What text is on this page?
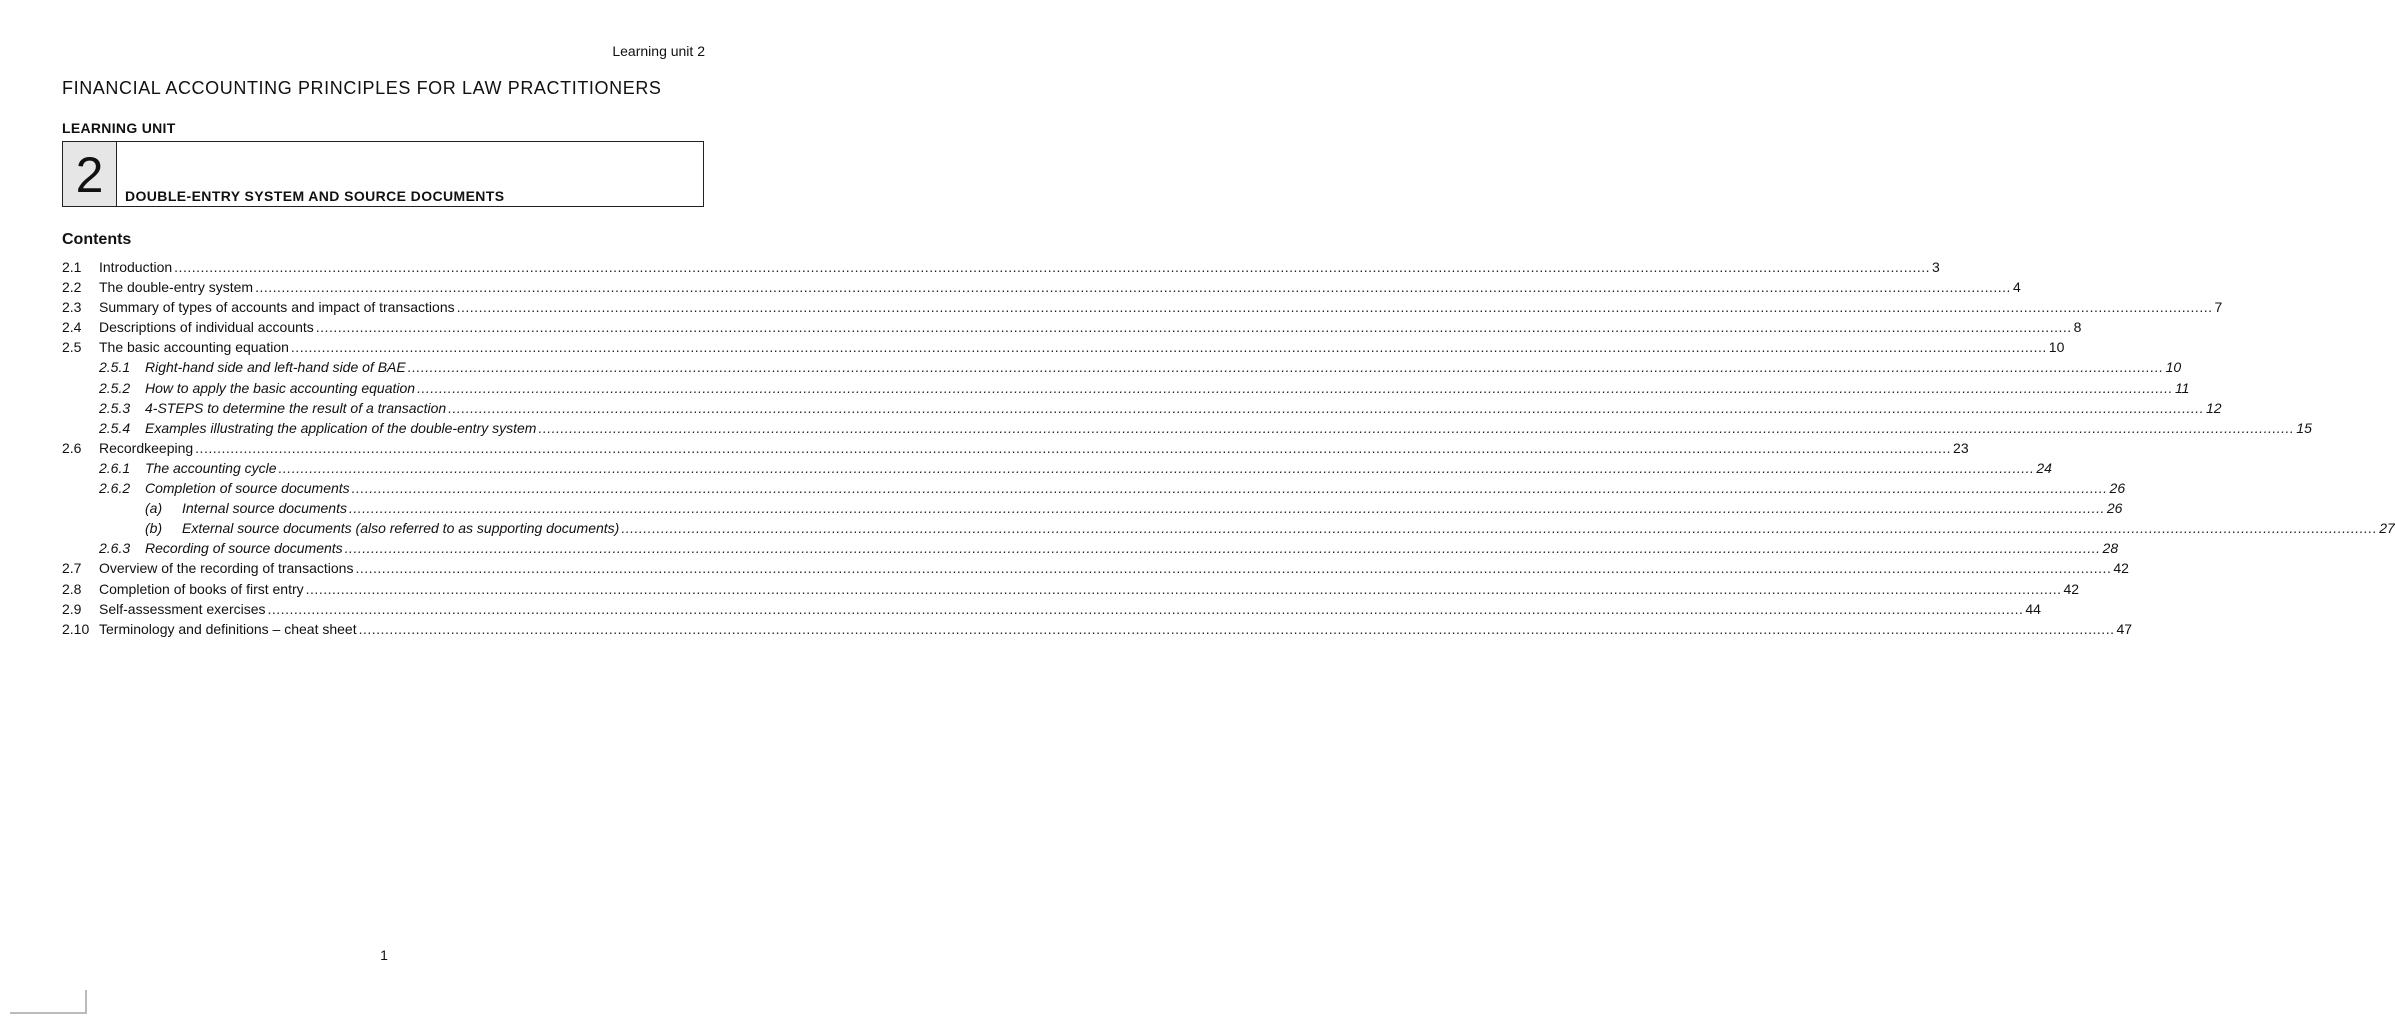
Learning unit 2
FINANCIAL ACCOUNTING PRINCIPLES FOR LAW PRACTITIONERS
LEARNING UNIT
2	DOUBLE-ENTRY SYSTEM AND SOURCE DOCUMENTS
Contents
2.1	Introduction ................................................................................................................................................................................................................................................................................................................................................................................................................ 3
2.2	The double-entry system ................................................................................................................................................................................................................................................................................................................................................................................................................ 4
2.3	Summary of types of accounts and impact of transactions ................................................................................................................................................................................................................................................................................................................................................................................................................ 7
2.4	Descriptions of individual accounts ................................................................................................................................................................................................................................................................................................................................................................................................................ 8
2.5	The basic accounting equation ................................................................................................................................................................................................................................................................................................................................................................................................................ 10
2.5.1	Right-hand side and left-hand side of BAE ................................................................................................................................................................................................................................................................................................................................................................................................................ 10
2.5.2	How to apply the basic accounting equation ................................................................................................................................................................................................................................................................................................................................................................................................................ 11
2.5.3	4-STEPS to determine the result of a transaction ................................................................................................................................................................................................................................................................................................................................................................................................................ 12
2.5.4	Examples illustrating the application of the double-entry system ................................................................................................................................................................................................................................................................................................................................................................................................................ 15
2.6	Recordkeeping ................................................................................................................................................................................................................................................................................................................................................................................................................ 23
2.6.1	The accounting cycle ................................................................................................................................................................................................................................................................................................................................................................................................................ 24
2.6.2	Completion of source documents ................................................................................................................................................................................................................................................................................................................................................................................................................ 26
(a)	Internal source documents ................................................................................................................................................................................................................................................................................................................................................................................................................ 26
(b)	External source documents (also referred to as supporting documents) ................................................................................................................................................................................................................................................................................................................................................................................................................ 27
2.6.3	Recording of source documents ................................................................................................................................................................................................................................................................................................................................................................................................................ 28
2.7	Overview of the recording of transactions ................................................................................................................................................................................................................................................................................................................................................................................................................ 42
2.8	Completion of books of first entry ................................................................................................................................................................................................................................................................................................................................................................................................................ 42
2.9	Self-assessment exercises ................................................................................................................................................................................................................................................................................................................................................................................................................ 44
2.10 Terminology and definitions – cheat sheet ................................................................................................................................................................................................................................................................................................................................................................................................................ 47
1
